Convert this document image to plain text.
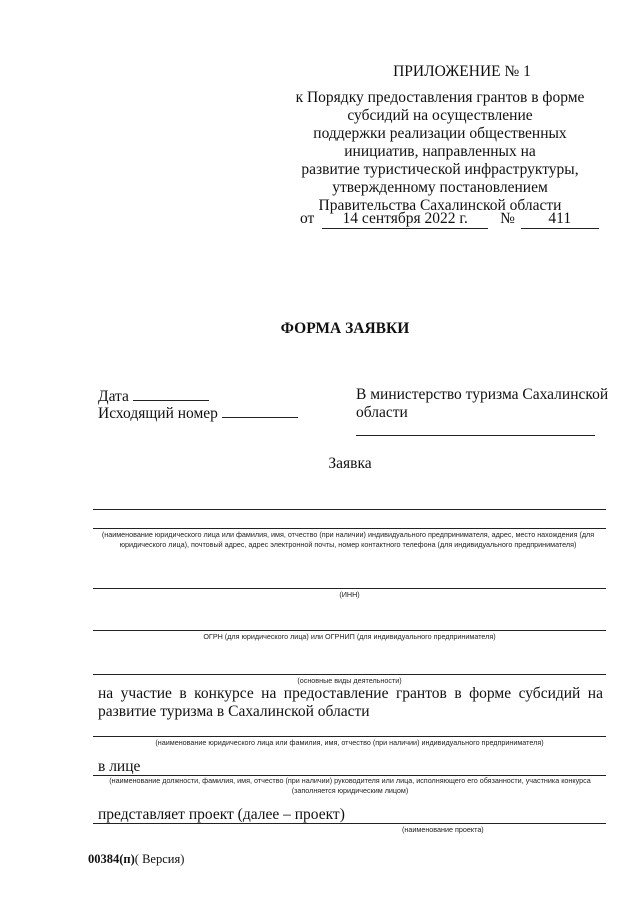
ПРИЛОЖЕНИЕ № 1
к Порядку предоставления грантов в форме
субсидий на осуществление
поддержки реализации общественных
инициатив, направленных на
развитие туристической инфраструктуры,
утвержденному постановлением
Правительства Сахалинской области
от 14 сентября 2022 г. № 411
ФОРМА ЗАЯВКИ
Дата
Исходящий номер
В министерство туризма Сахалинской
области
Заявка
(наименование юридического лица или фамилия, имя, отчество (при наличии) индивидуального предпринимателя, адрес, место нахождения (для юридического лица), почтовый адрес, адрес электронной почты, номер контактного телефона (для индивидуального предпринимателя)
(ИНН)
ОГРН (для юридического лица) или ОГРНИП (для индивидуального предпринимателя)
(основные виды деятельности)
на участие в конкурсе на предоставление грантов в форме субсидий на
развитие туризма в Сахалинской области
(наименование юридического лица или фамилия, имя, отчество (при наличии) индивидуального предпринимателя)
в лице
(наименование должности, фамилия, имя, отчество (при наличии) руководителя или лица, исполняющего его обязанности, участника конкурса (заполняется юридическим лицом)
представляет проект (далее – проект)
(наименование проекта)
00384(п)( Версия)
